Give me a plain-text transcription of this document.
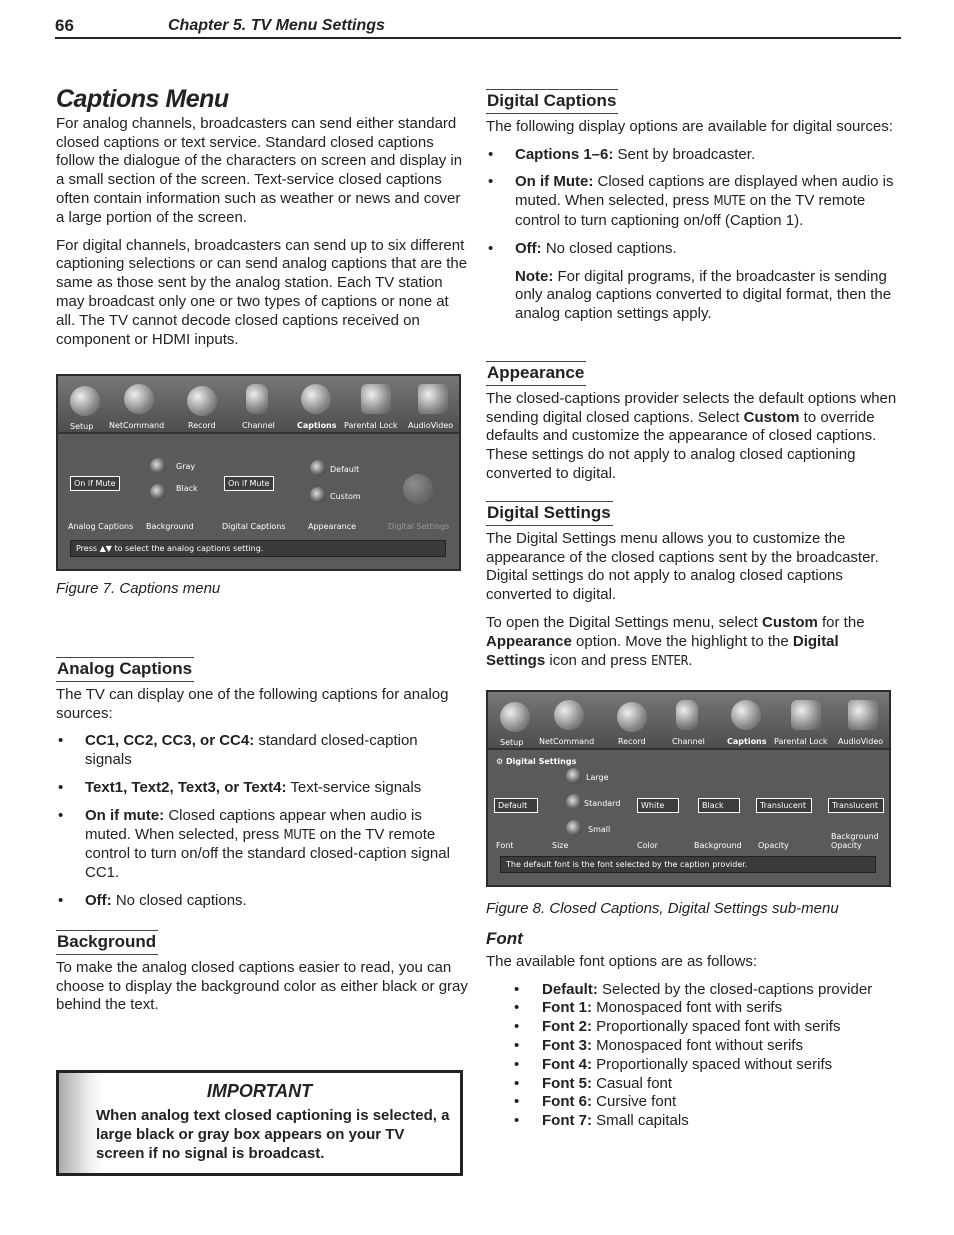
66	Chapter 5. TV Menu Settings
Captions Menu

For analog channels, broadcasters can send either standard closed captions or text service. Standard closed captions follow the dialogue of the characters on screen and display in a small section of the screen. Text-service closed captions often contain information such as weather or news and cover a large portion of the screen.

For digital channels, broadcasters can send up to six different captioning selections or can send analog captions that are the same as those sent by the analog station. Each TV station may broadcast only one or two types of captions or none at all. The TV cannot decode closed captions received on component or HDMI inputs.

Setup NetCommand	Record	Channel	Captions Parental Lock AudioVideo
On if Mute
Gray
Black
On if Mute
Default
Custom
Analog Captions Background	Digital Captions	Appearance	Digital Settings
Press ▲▼ to select the analog captions setting.
Figure 7. Captions menu
Analog Captions

The TV can display one of the following captions for analog sources:

• CC1, CC2, CC3, or CC4: standard closed-caption signals
• Text1, Text2, Text3, or Text4: Text-service signals
• On if mute: Closed captions appear when audio is muted. When selected, press MUTE on the TV remote control to turn on/off the standard closed-caption signal CC1.
• Off: No closed captions.
Background

To make the analog closed captions easier to read, you can choose to display the background color as either black or gray behind the text.

IMPORTANT
When analog text closed captioning is selected, a large black or gray box appears on your TV screen if no signal is broadcast.
Digital Captions

The following display options are available for digital sources:

• Captions 1–6: Sent by broadcaster.
• On if Mute: Closed captions are displayed when audio is muted. When selected, press MUTE on the TV remote control to turn captioning on/off (Caption 1).
• Off: No closed captions.

Note: For digital programs, if the broadcaster is sending only analog captions converted to digital format, then the analog caption settings apply.

Appearance

The closed-captions provider selects the default options when sending digital closed captions. Select Custom to override defaults and customize the appearance of closed captions. These settings do not apply to analog closed captioning converted to digital.

Digital Settings

The Digital Settings menu allows you to customize the appearance of the closed captions sent by the broadcaster. Digital settings do not apply to analog closed captions converted to digital.

To open the Digital Settings menu, select Custom for the Appearance option. Move the highlight to the Digital Settings icon and press ENTER.

Setup NetCommand	Record	Channel	Captions Parental Lock AudioVideo
⚙ Digital Settings
Default
Large
Standard
Small
White	Black	Translucent	Translucent
Font	Size	Color	Background Opacity
Background Opacity
The default font is the font selected by the caption provider.
Figure 8. Closed Captions, Digital Settings sub-menu
Font

The available font options are as follows:

• Default: Selected by the closed-captions provider
• Font 1: Monospaced font with serifs
• Font 2: Proportionally spaced font with serifs
• Font 3: Monospaced font without serifs
• Font 4: Proportionally spaced without serifs
• Font 5: Casual font
• Font 6: Cursive font
• Font 7: Small capitals
